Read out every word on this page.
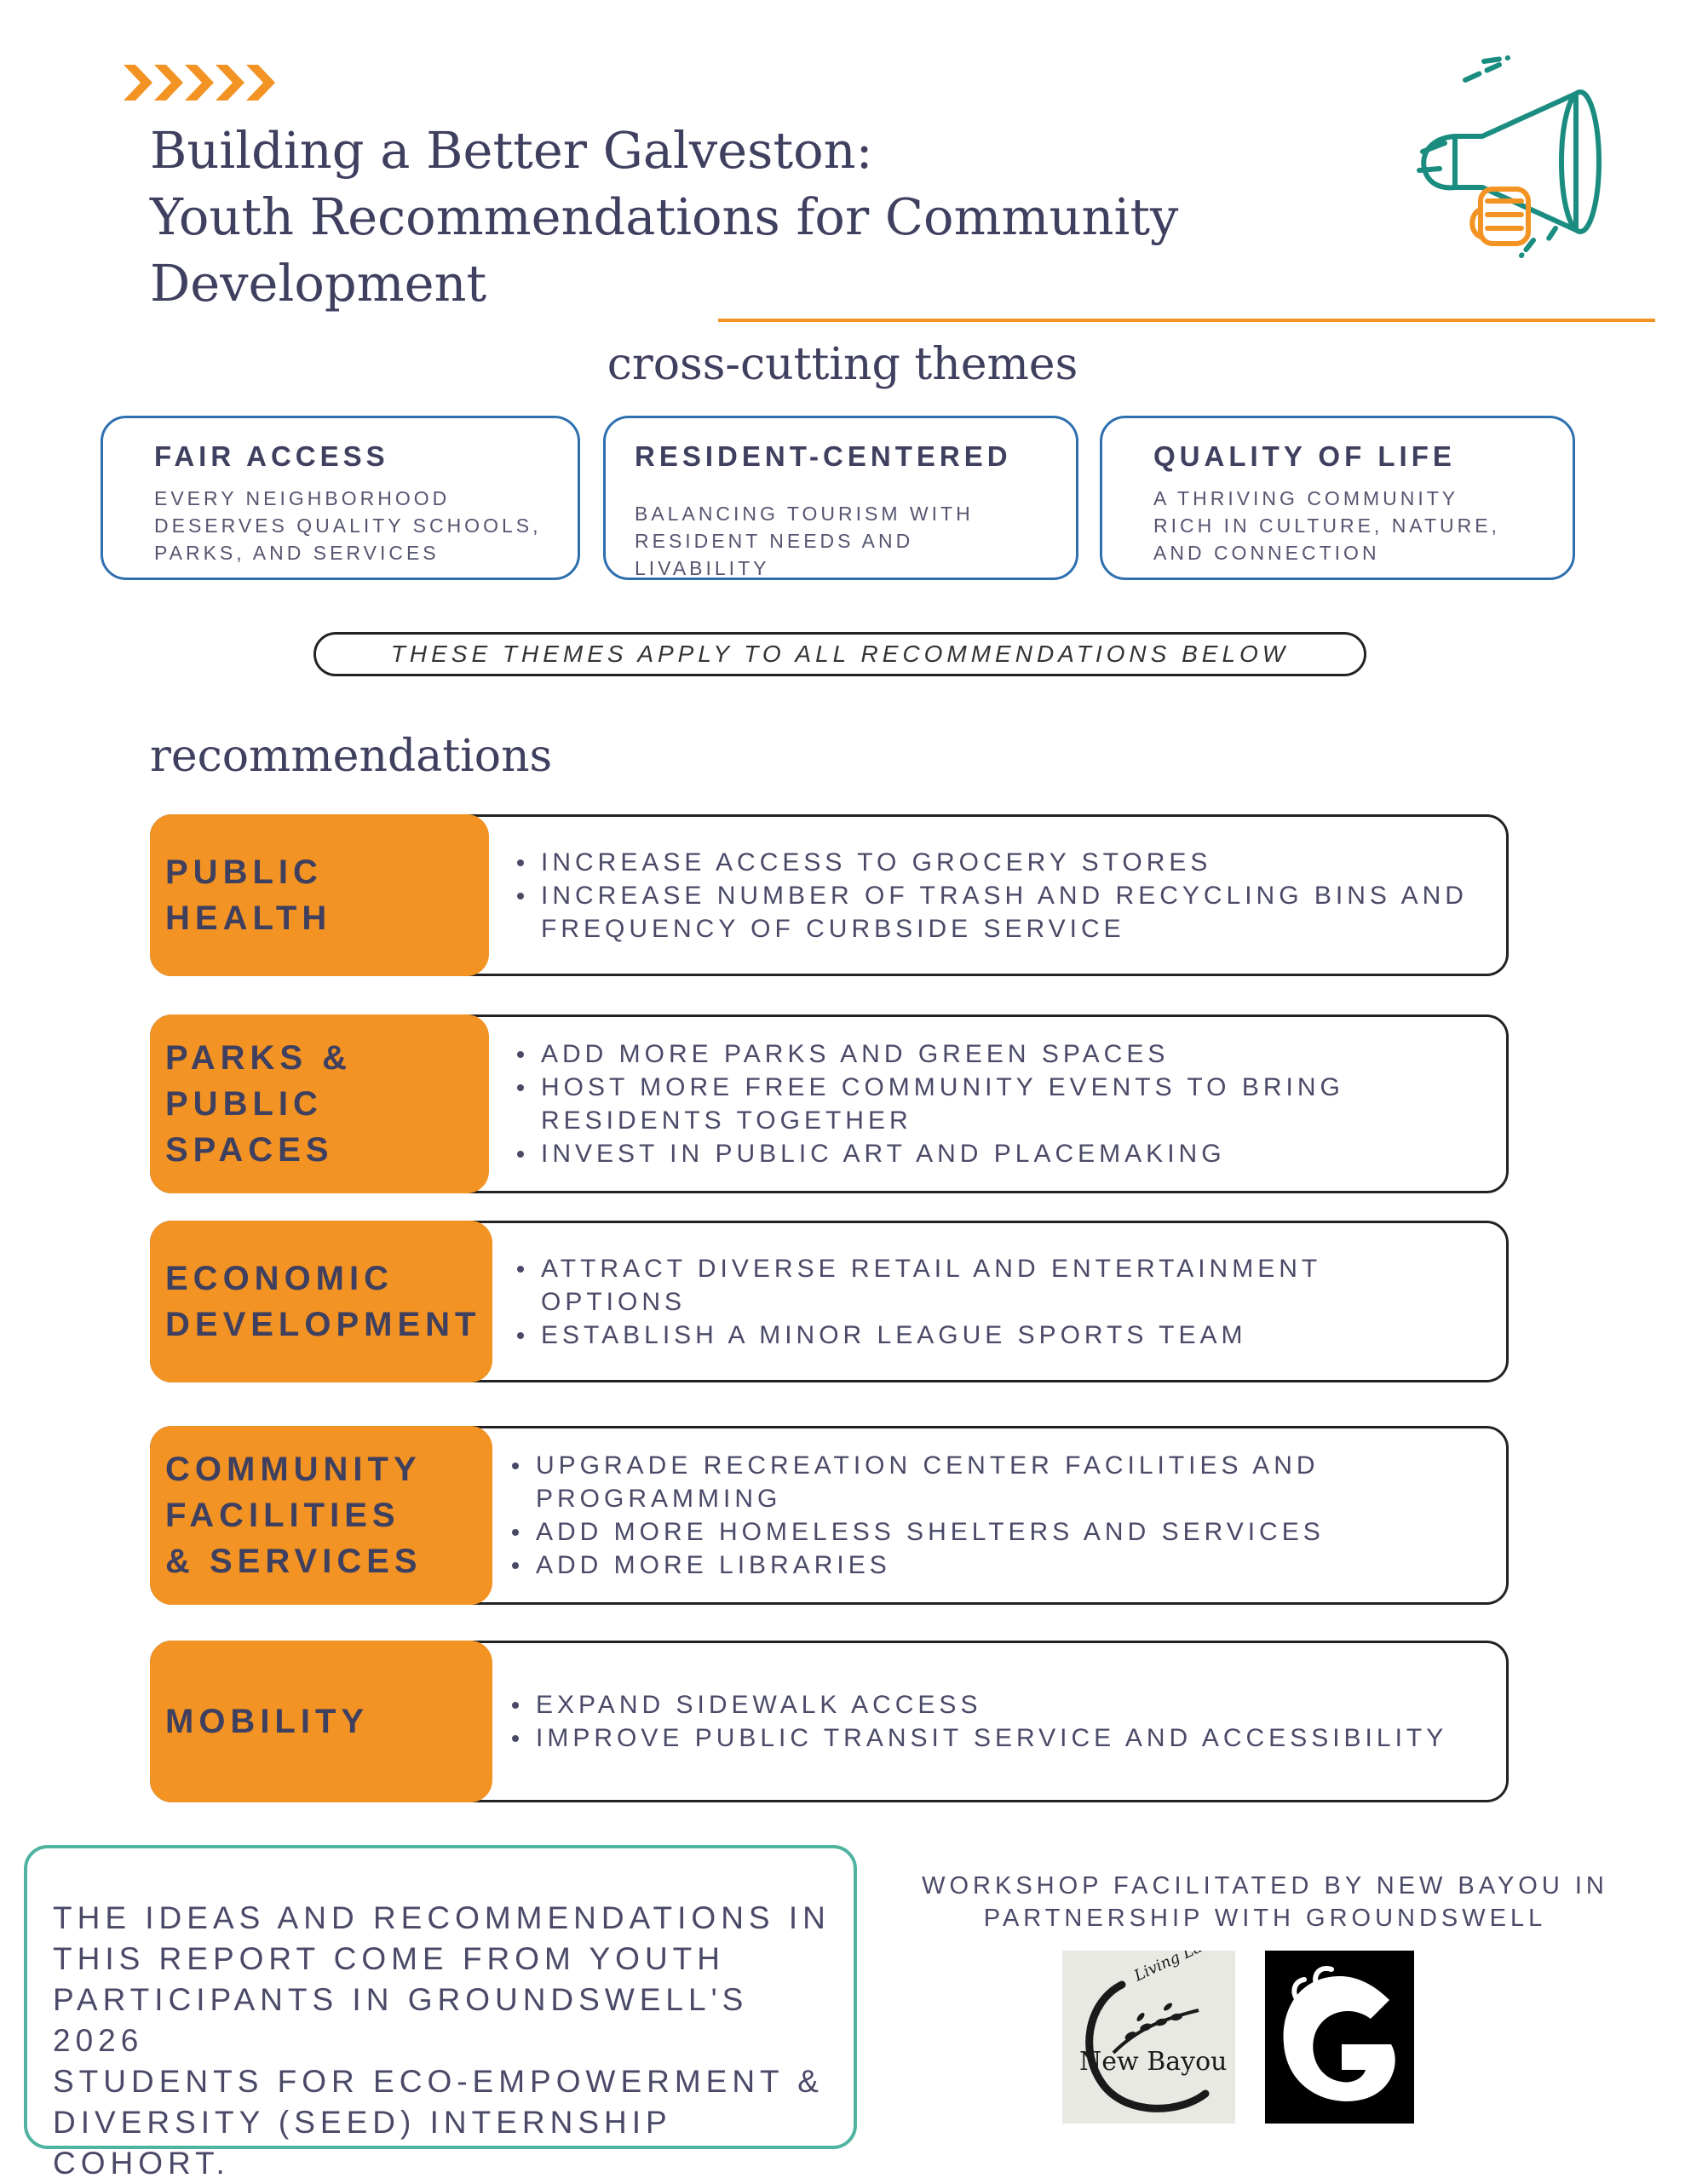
Building a Better Galveston:
Youth Recommendations for Community Development
cross-cutting themes

FAIR ACCESS

EVERY NEIGHBORHOOD
DESERVES QUALITY SCHOOLS,
PARKS, AND SERVICES

RESIDENT-CENTERED

BALANCING TOURISM WITH
RESIDENT NEEDS AND LIVABILITY

QUALITY OF LIFE

A THRIVING COMMUNITY
RICH IN CULTURE, NATURE,
AND CONNECTION

THESE THEMES APPLY TO ALL RECOMMENDATIONS BELOW
recommendations
PUBLIC
HEALTH
INCREASE ACCESS TO GROCERY STORES
INCREASE NUMBER OF TRASH AND RECYCLING BINS AND FREQUENCY OF CURBSIDE SERVICE
PARKS &
PUBLIC
SPACES
ADD MORE PARKS AND GREEN SPACES
HOST MORE FREE COMMUNITY EVENTS TO BRING RESIDENTS TOGETHER
INVEST IN PUBLIC ART AND PLACEMAKING
ECONOMIC
DEVELOPMENT
ATTRACT DIVERSE RETAIL AND ENTERTAINMENT OPTIONS
ESTABLISH A MINOR LEAGUE SPORTS TEAM
COMMUNITY
FACILITIES
& SERVICES
UPGRADE RECREATION CENTER FACILITIES AND PROGRAMMING
ADD MORE HOMELESS SHELTERS AND SERVICES
ADD MORE LIBRARIES
MOBILITY	EXPAND SIDEWALK ACCESS
IMPROVE PUBLIC TRANSIT SERVICE AND ACCESSIBILITY

THE IDEAS AND RECOMMENDATIONS IN
THIS REPORT COME FROM YOUTH
PARTICIPANTS IN GROUNDSWELL'S 2026
STUDENTS FOR ECO-EMPOWERMENT &
DIVERSITY (SEED) INTERNSHIP COHORT.

WORKSHOP FACILITATED BY NEW BAYOU IN
PARTNERSHIP WITH GROUNDSWELL

Living Labs
New Bayou
